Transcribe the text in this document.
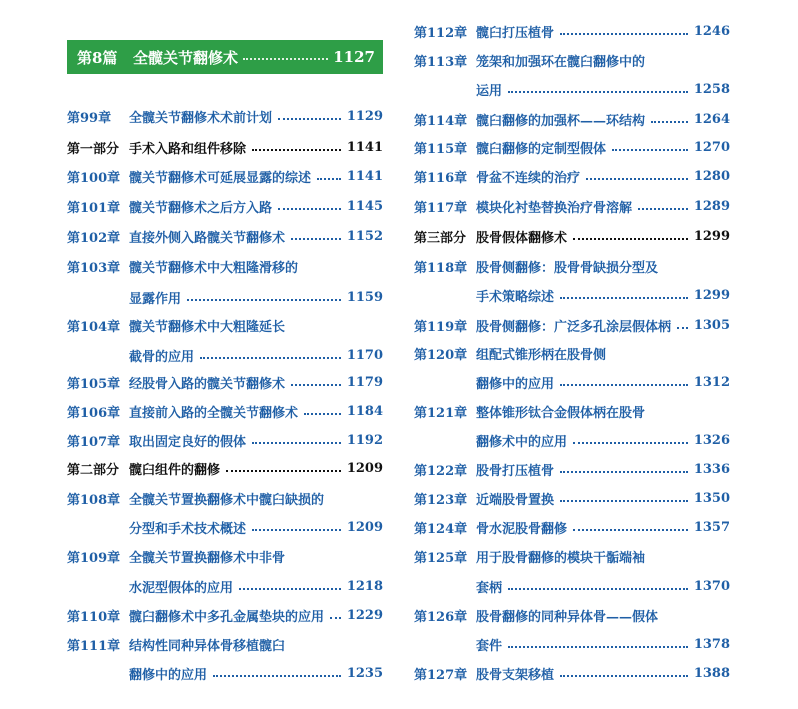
第8篇	全髋关节翻修术	1127
第99章	全髋关节翻修术术前计划	1129
第一部分 手术入路和组件移除	1141
第100章 髋关节翻修术可延展显露的综述	1141
第101章 髋关节翻修术之后方入路	1145
第102章 直接外侧入路髋关节翻修术	1152
第103章 髋关节翻修术中大粗隆滑移的
显露作用	1159
第104章 髋关节翻修术中大粗隆延长
截骨的应用	1170
第105章 经股骨入路的髋关节翻修术	1179
第106章 直接前入路的全髋关节翻修术	1184
第107章 取出固定良好的假体	1192
第二部分 髋臼组件的翻修	1209
第108章 全髋关节置换翻修术中髋臼缺损的
分型和手术技术概述	1209
第109章 全髋关节置换翻修术中非骨
水泥型假体的应用	1218
第110章 髋臼翻修术中多孔金属垫块的应用 1229
第111章 结构性同种异体骨移植髋臼
翻修中的应用	1235
第112章 髋臼打压植骨	1246
第113章 笼架和加强环在髋臼翻修中的
运用	1258
第114章 髋臼翻修的加强杯——环结构	1264
第115章 髋臼翻修的定制型假体	1270
第116章 骨盆不连续的治疗	1280
第117章 模块化衬垫替换治疗骨溶解	1289
第三部分 股骨假体翻修术	1299
第118章 股骨侧翻修：股骨骨缺损分型及
手术策略综述	1299
第119章 股骨侧翻修：广泛多孔涂层假体柄 1305
第120章 组配式锥形柄在股骨侧
翻修中的应用	1312
第121章 整体锥形钛合金假体柄在股骨
翻修术中的应用	1326
第122章 股骨打压植骨	1336
第123章 近端股骨置换	1350
第124章 骨水泥股骨翻修	1357
第125章 用于股骨翻修的模块干骺端袖
套柄	1370
第126章 股骨翻修的同种异体骨——假体
套件	1378
第127章 股骨支架移植	1388
